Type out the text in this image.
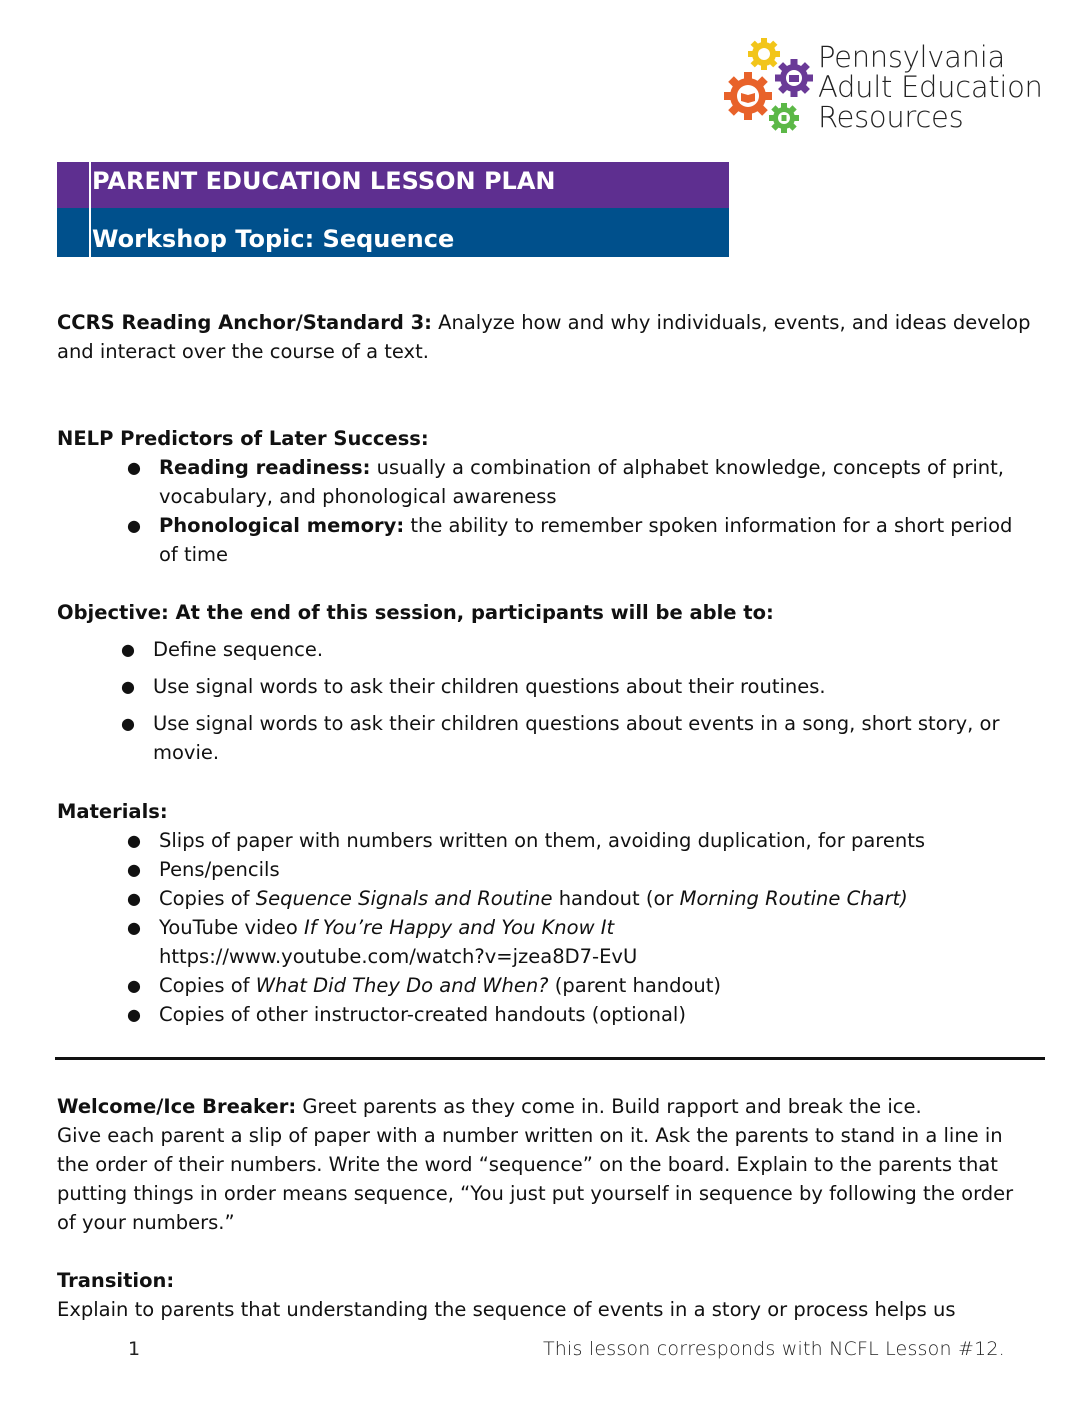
Pennsylvania
Adult Education
Resources
PARENT EDUCATION LESSON PLAN
Workshop Topic: Sequence
CCRS Reading Anchor/Standard 3: Analyze how and why individuals, events, and ideas develop
and interact over the course of a text.
NELP Predictors of Later Success:
● Reading readiness: usually a combination of alphabet knowledge, concepts of print,
vocabulary, and phonological awareness
● Phonological memory: the ability to remember spoken information for a short period
of time
Objective: At the end of this session, participants will be able to:
● Define sequence.
● Use signal words to ask their children questions about their routines.
● Use signal words to ask their children questions about events in a song, short story, or
movie.
Materials:
● Slips of paper with numbers written on them, avoiding duplication, for parents
● Pens/pencils
● Copies of Sequence Signals and Routine handout (or Morning Routine Chart)
● YouTube video If You’re Happy and You Know It
https://www.youtube.com/watch?v=jzea8D7-EvU
● Copies of What Did They Do and When? (parent handout)
● Copies of other instructor-created handouts (optional)
Welcome/Ice Breaker: Greet parents as they come in. Build rapport and break the ice.
Give each parent a slip of paper with a number written on it. Ask the parents to stand in a line in
the order of their numbers. Write the word “sequence” on the board. Explain to the parents that
putting things in order means sequence, “You just put yourself in sequence by following the order
of your numbers.”
Transition:
Explain to parents that understanding the sequence of events in a story or process helps us
1	This lesson corresponds with NCFL Lesson #12.
